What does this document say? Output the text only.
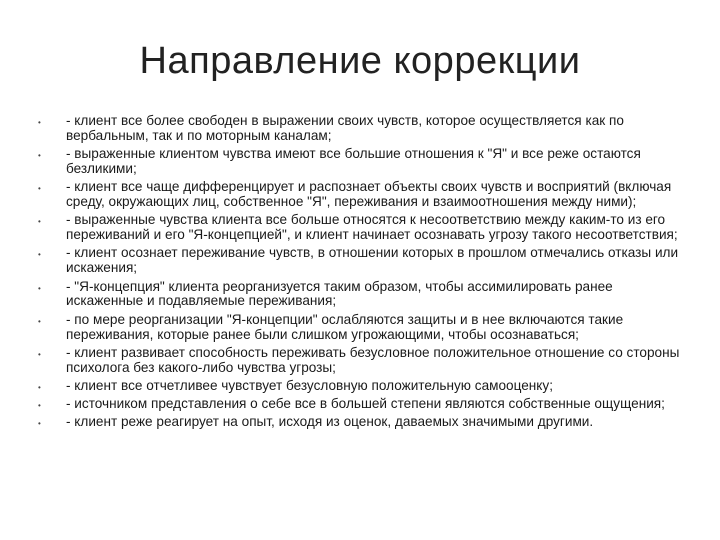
Направление коррекции
• - клиент все более свободен в выражении своих чувств, которое осуществляется как по вербальным, так и по моторным каналам;
• - выраженные клиентом чувства имеют все большие отношения к "Я" и все реже остаются безликими;
• - клиент все чаще дифференцирует и распознает объекты своих чувств и восприятий (включая среду, окружающих лиц, собственное "Я", переживания и взаимоотношения между ними);
• - выраженные чувства клиента все больше относятся к несоответствию между каким-то из его переживаний и его "Я-концепцией", и клиент начинает осознавать угрозу такого несоответствия;
• - клиент осознает переживание чувств, в отношении которых в прошлом отмечались отказы или искажения;
• - "Я-концепция" клиента реорганизуется таким образом, чтобы ассимилировать ранее искаженные и подавляемые переживания;
• - по мере реорганизации "Я-концепции" ослабляются защиты и в нее включаются такие переживания, которые ранее были слишком угрожающими, чтобы осознаваться;
• - клиент развивает способность переживать безусловное положительное отношение со стороны психолога без какого-либо чувства угрозы;
• - клиент все отчетливее чувствует безусловную положительную самооценку;
• - источником представления о себе все в большей степени являются собственные ощущения;
• - клиент реже реагирует на опыт, исходя из оценок, даваемых значимыми другими.
